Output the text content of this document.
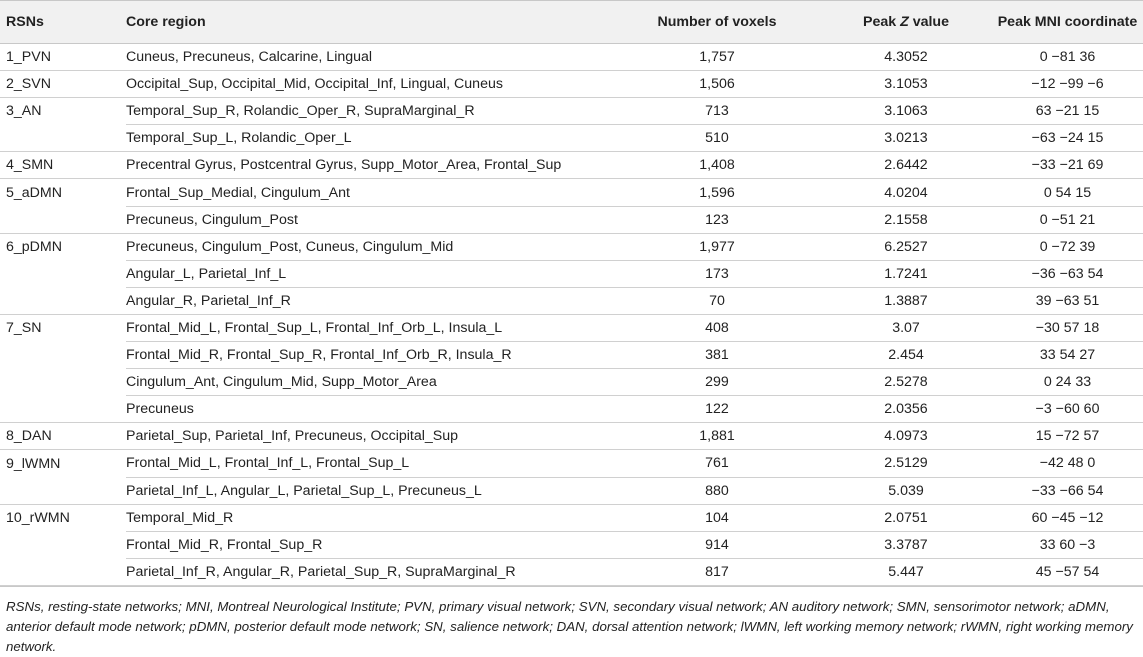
RSNs	Core region	Number of voxels	Peak Z value	Peak MNI coordinate
1_PVN	Cuneus, Precuneus, Calcarine, Lingual	1,757	4.3052	0 −81 36
2_SVN	Occipital_Sup, Occipital_Mid, Occipital_Inf, Lingual, Cuneus	1,506	3.1053	−12 −99 −6
3_AN	Temporal_Sup_R, Rolandic_Oper_R, SupraMarginal_R	713	3.1063	63 −21 15
	Temporal_Sup_L, Rolandic_Oper_L	510	3.0213	−63 −24 15
4_SMN	Precentral Gyrus, Postcentral Gyrus, Supp_Motor_Area, Frontal_Sup	1,408	2.6442	−33 −21 69
5_aDMN	Frontal_Sup_Medial, Cingulum_Ant	1,596	4.0204	0 54 15
	Precuneus, Cingulum_Post	123	2.1558	0 −51 21
6_pDMN	Precuneus, Cingulum_Post, Cuneus, Cingulum_Mid	1,977	6.2527	0 −72 39
	Angular_L, Parietal_Inf_L	173	1.7241	−36 −63 54
	Angular_R, Parietal_Inf_R	70	1.3887	39 −63 51
7_SN	Frontal_Mid_L, Frontal_Sup_L, Frontal_Inf_Orb_L, Insula_L	408	3.07	−30 57 18
	Frontal_Mid_R, Frontal_Sup_R, Frontal_Inf_Orb_R, Insula_R	381	2.454	33 54 27
	Cingulum_Ant, Cingulum_Mid, Supp_Motor_Area	299	2.5278	0 24 33
	Precuneus	122	2.0356	−3 −60 60
8_DAN	Parietal_Sup, Parietal_Inf, Precuneus, Occipital_Sup	1,881	4.0973	15 −72 57
9_lWMN	Frontal_Mid_L, Frontal_Inf_L, Frontal_Sup_L	761	2.5129	−42 48 0
	Parietal_Inf_L, Angular_L, Parietal_Sup_L, Precuneus_L	880	5.039	−33 −66 54
10_rWMN	Temporal_Mid_R	104	2.0751	60 −45 −12
	Frontal_Mid_R, Frontal_Sup_R	914	3.3787	33 60 −3
	Parietal_Inf_R, Angular_R, Parietal_Sup_R, SupraMarginal_R	817	5.447	45 −57 54
RSNs, resting-state networks; MNI, Montreal Neurological Institute; PVN, primary visual network; SVN, secondary visual network; AN auditory network; SMN, sensorimotor network; aDMN, anterior default mode network; pDMN, posterior default mode network; SN, salience network; DAN, dorsal attention network; lWMN, left working memory network; rWMN, right working memory network.
